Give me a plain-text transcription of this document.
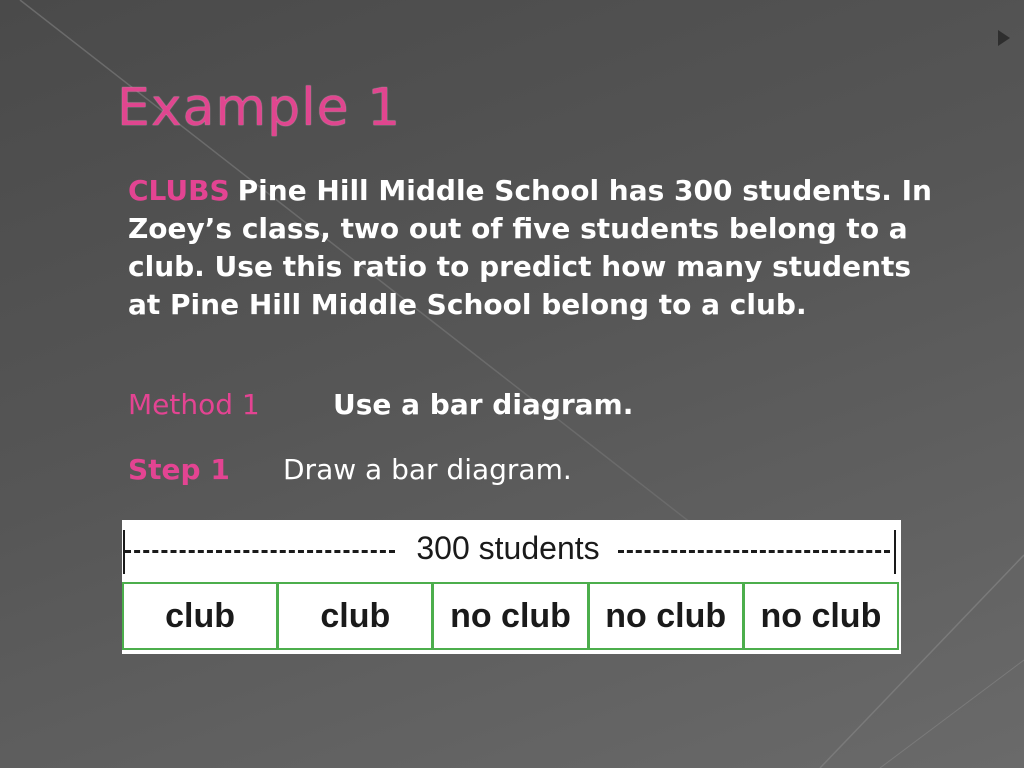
Example 1
CLUBS Pine Hill Middle School has 300 students. In Zoey’s class, two out of five students belong to a club. Use this ratio to predict how many students at Pine Hill Middle School belong to a club.
Method 1	Use a bar diagram.
Step 1 Draw a bar diagram.
300 students
club	club	no club	no club	no club
